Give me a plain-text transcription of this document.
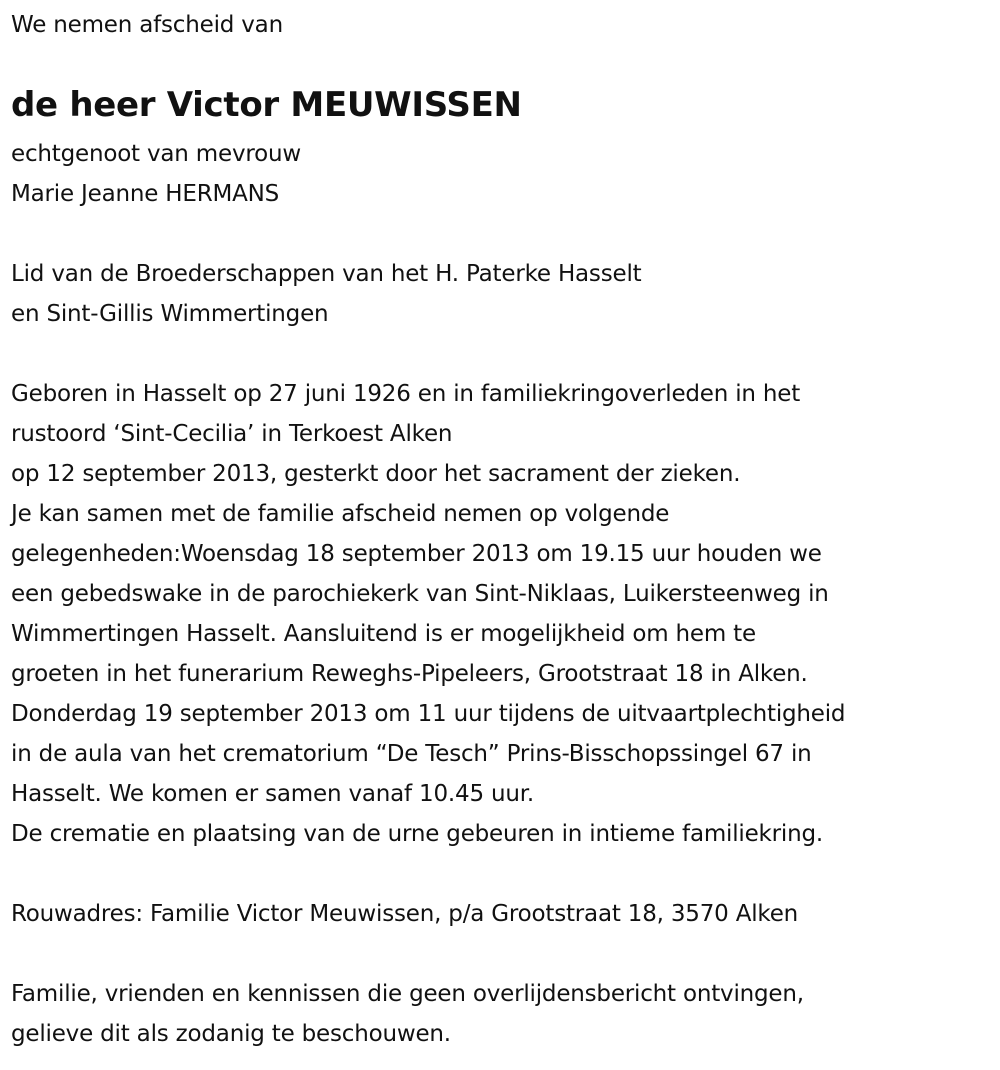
We nemen afscheid van
de heer Victor MEUWISSEN
echtgenoot van mevrouw
Marie Jeanne HERMANS
Lid van de Broederschappen van het H. Paterke Hasselt
en Sint-Gillis Wimmertingen
Geboren in Hasselt op 27 juni 1926 en in familiekringoverleden in het
rustoord ‘Sint-Cecilia’ in Terkoest Alken
op 12 september 2013, gesterkt door het sacrament der zieken.
Je kan samen met de familie afscheid nemen op volgende
gelegenheden:Woensdag 18 september 2013 om 19.15 uur houden we
een gebedswake in de parochiekerk van Sint-Niklaas, Luikersteenweg in
Wimmertingen Hasselt. Aansluitend is er mogelijkheid om hem te
groeten in het funerarium Reweghs-Pipeleers, Grootstraat 18 in Alken.
Donderdag 19 september 2013 om 11 uur tijdens de uitvaartplechtigheid
in de aula van het crematorium “De Tesch” Prins-Bisschopssingel 67 in
Hasselt. We komen er samen vanaf 10.45 uur.
De crematie en plaatsing van de urne gebeuren in intieme familiekring.
Rouwadres: Familie Victor Meuwissen, p/a Grootstraat 18, 3570 Alken
Familie, vrienden en kennissen die geen overlijdensbericht ontvingen,
gelieve dit als zodanig te beschouwen.
